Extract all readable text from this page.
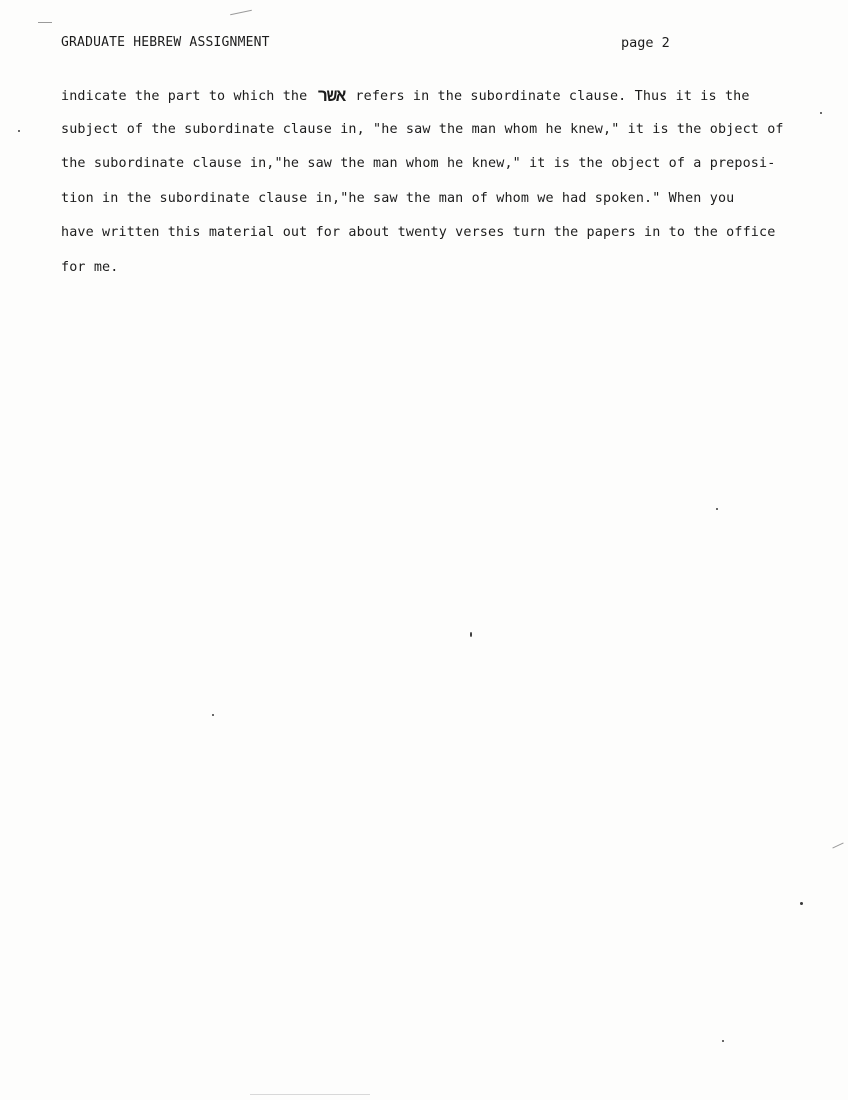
GRADUATE HEBREW ASSIGNMENT	page 2
indicate the part to which the אשר refers in the subordinate clause. Thus it is the
subject of the subordinate clause in, "he saw the man whom he knew," it is the object of
the subordinate clause in,"he saw the man whom he knew," it is the object of a preposi-
tion in the subordinate clause in,"he saw the man of whom we had spoken." When you
have written this material out for about twenty verses turn the papers in to the office
for me.
